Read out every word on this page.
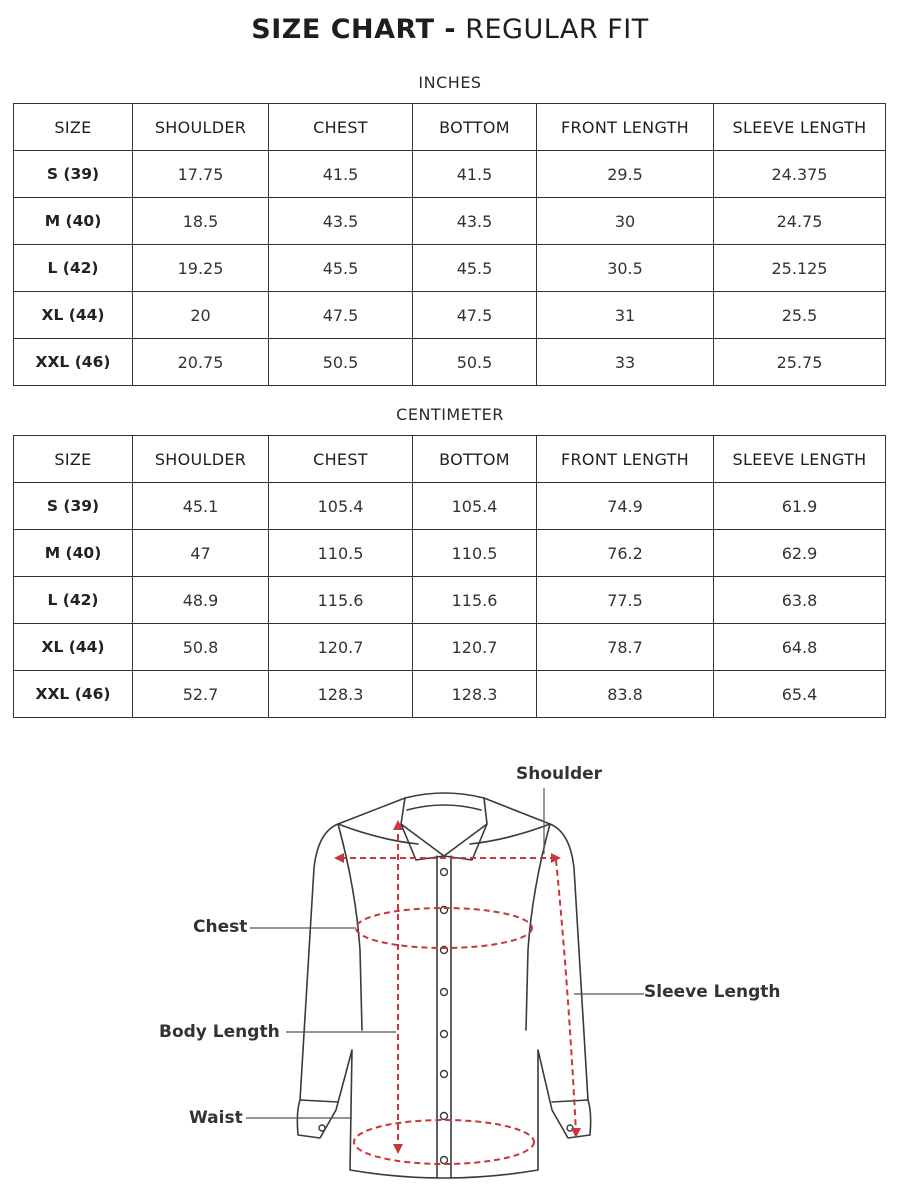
SIZE CHART - REGULAR FIT
INCHES
SIZE	SHOULDER	CHEST	BOTTOM	FRONT LENGTH	SLEEVE LENGTH
S (39)	17.75	41.5	41.5	29.5	24.375
M (40)	18.5	43.5	43.5	30	24.75
L (42)	19.25	45.5	45.5	30.5	25.125
XL (44)	20	47.5	47.5	31	25.5
XXL (46)	20.75	50.5	50.5	33	25.75
CENTIMETER
SIZE	SHOULDER	CHEST	BOTTOM	FRONT LENGTH	SLEEVE LENGTH
S (39)	45.1	105.4	105.4	74.9	61.9
M (40)	47	110.5	110.5	76.2	62.9
L (42)	48.9	115.6	115.6	77.5	63.8
XL (44)	50.8	120.7	120.7	78.7	64.8
XXL (46)	52.7	128.3	128.3	83.8	65.4
Shoulder
Chest
Sleeve Length
Body Length
Waist
